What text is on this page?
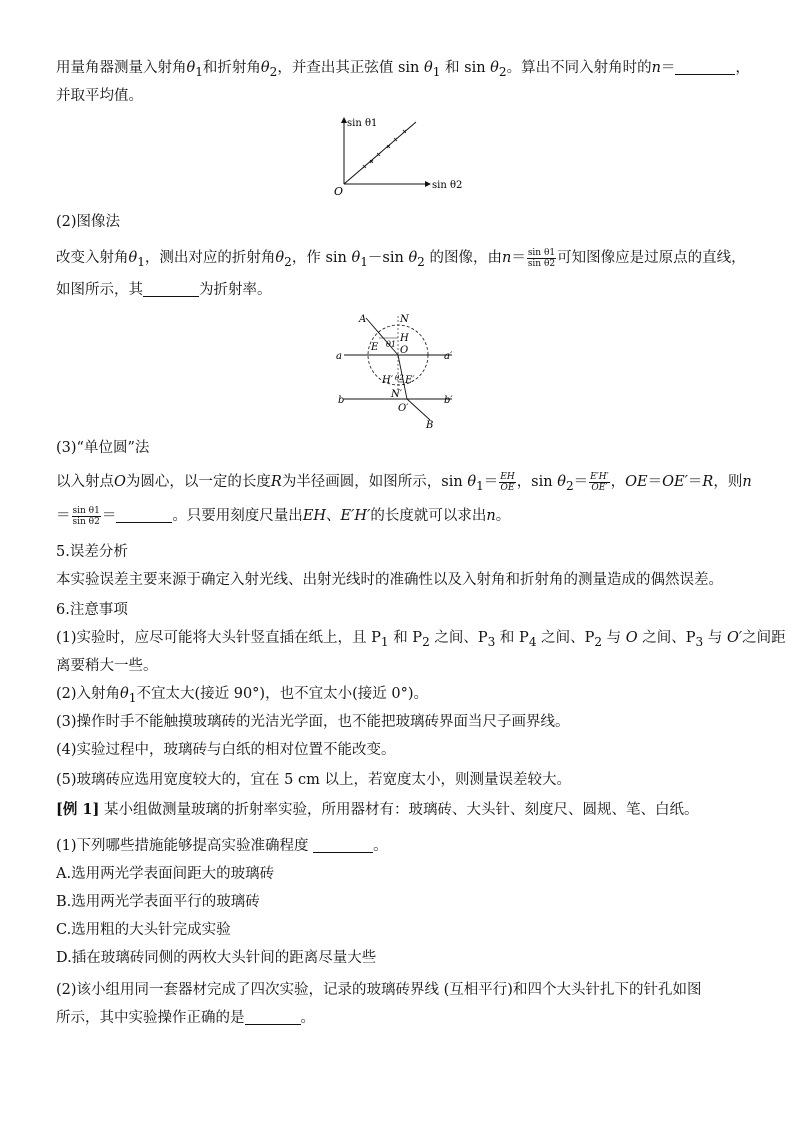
用量角器测量入射角$\theta_1$和折射角$\theta_2$，并查出其正弦值 $\sin \theta_1$ 和 $\sin \theta_2$。算出不同入射角时的n＝	，
并取平均值。
sin θ1
sin θ2
O
(2)图像法
改变入射角$\theta_1$，测出对应的折射角$\theta_2$，作 $\sin \theta_1-\sin$ $\theta_2$ 的图像，由$n= \frac{\text{sin θ1}}{\text{sin θ2}}$ 可知图像应是过原点的直线，
如图所示，其	为折射率。
A	N
H
E θ1
O
a	a′
H′ θ2 E′
N′
b	b′
O′
B
(3)“单位圆”法
以入射点O为圆心，以一定的长度R为半径画圆，如图所示，$\sin \theta_1= \frac{EH}{OE}$ ，$\sin \theta_2= \frac{E'H'}{OE'}$ ，OE＝OE′＝R，则n
＝ $\frac{\text{sin θ1}}{\text{sin θ2}}$ ＝	。只要用刻度尺量出EH、E′H′的长度就可以求出n。
5.误差分析
本实验误差主要来源于确定入射光线、出射光线时的准确性以及入射角和折射角的测量造成的偶然误差。
6.注意事项
(1)实验时，应尽可能将大头针竖直插在纸上，且 $P_1$ 和 $P_2$ 之间、$P_3$ 和 $P_4$ 之间、$P_2$ 与 O 之间、$P_3$ 与 O′之间距
离要稍大一些。
(2)入射角$\theta_1$不宜太大(接近 90°)，也不宜太小(接近 0°)。
(3)操作时手不能触摸玻璃砖的光洁光学面，也不能把玻璃砖界面当尺子画界线。
(4)实验过程中，玻璃砖与白纸的相对位置不能改变。
(5)玻璃砖应选用宽度较大的，宜在 5 cm 以上，若宽度太小，则测量误差较大。
[例 1] 某小组做测量玻璃的折射率实验，所用器材有：玻璃砖、大头针、刻度尺、圆规、笔、白纸。
(1)下列哪些措施能够提高实验准确程度	。
A.选用两光学表面间距大的玻璃砖
B.选用两光学表面平行的玻璃砖
C.选用粗的大头针完成实验
D.插在玻璃砖同侧的两枚大头针间的距离尽量大些
(2)该小组用同一套器材完成了四次实验，记录的玻璃砖界线 (互相平行)和四个大头针扎下的针孔如图
所示，其中实验操作正确的是	。
